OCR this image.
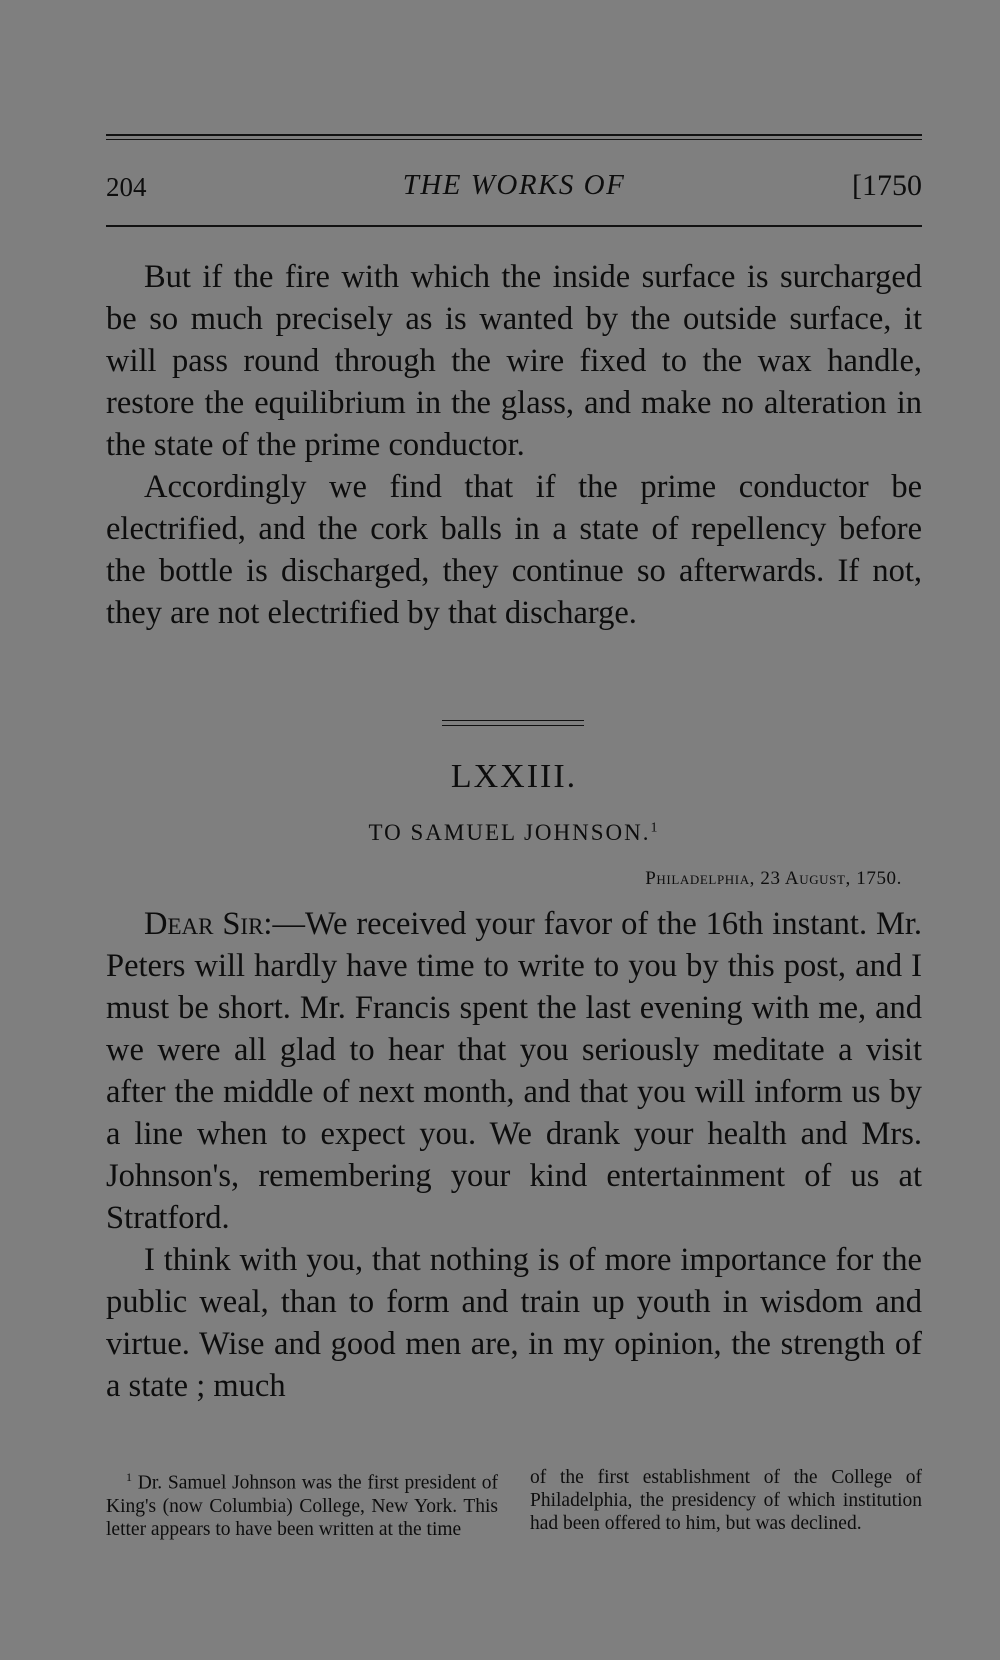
204	THE WORKS OF	[1750

But if the fire with which the inside surface is surcharged be so much precisely as is wanted by the outside surface, it will pass round through the wire fixed to the wax handle, restore the equilibrium in the glass, and make no alteration in the state of the prime conductor.

Accordingly we find that if the prime conductor be electrified, and the cork balls in a state of repellency before the bottle is discharged, they continue so afterwards. If not, they are not electrified by that discharge.

LXXIII.
TO SAMUEL JOHNSON.$^1$
Philadelphia, 23 August, 1750.

Dear Sir:—We received your favor of the 16th instant. Mr. Peters will hardly have time to write to you by this post, and I must be short. Mr. Francis spent the last evening with me, and we were all glad to hear that you seriously meditate a visit after the middle of next month, and that you will inform us by a line when to expect you. We drank your health and Mrs. Johnson's, remembering your kind entertainment of us at Stratford.

I think with you, that nothing is of more importance for the public weal, than to form and train up youth in wisdom and virtue. Wise and good men are, in my opinion, the strength of a state ; much

$^1$ Dr. Samuel Johnson was the first president of King's (now Columbia) College, New York. This letter appears to have been written at the time

of the first establishment of the College of Philadelphia, the presidency of which institution had been offered to him, but was declined.
